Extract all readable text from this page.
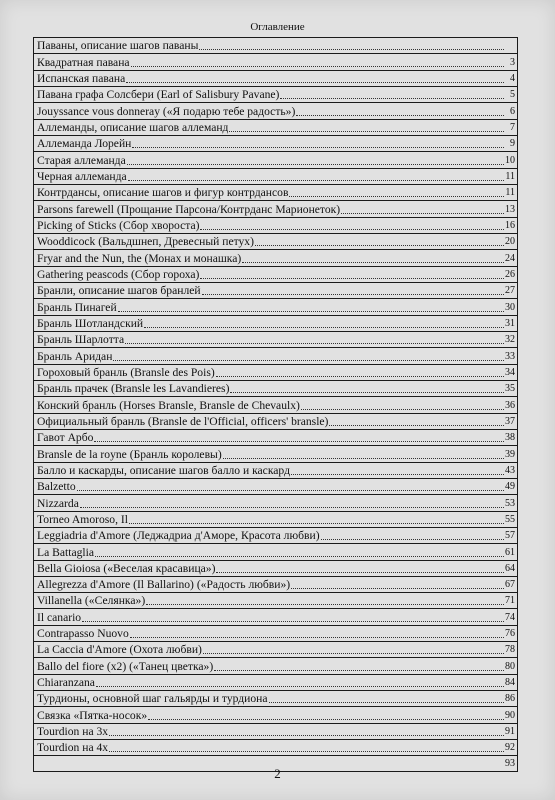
Оглавление
Паваны, описание шагов паваны
Квадратная павана	3
Испанская павана	4
Павана графа Солсбери (Earl of Salisbury Pavane)	5
Jouyssance vous donneray («Я подарю тебе радость»)	6
Аллеманды, описание шагов аллеманд	7
Аллеманда Лорейн	9
Старая аллеманда	10
Черная аллеманда	11
Контрдансы, описание шагов и фигур контрдансов	11
Parsons farewell (Прощание Парсона/Контрданс Марионеток)	13
Picking of Sticks (Сбор хвороста)	16
Wooddicock (Вальдшнеп, Древесный петух)	20
Fryar and the Nun, the (Монах и монашка)	24
Gathering peascods (Сбор гороха)	26
Бранли, описание шагов бранлей	27
Бранль Пинагей	30
Бранль Шотландский	31
Бранль Шарлотта	32
Бранль Аридан	33
Гороховый бранль (Bransle des Pois)	34
Бранль прачек (Bransle les Lavandieres)	35
Конский бранль (Horses Bransle, Bransle de Chevaulx)	36
Официальный бранль (Bransle de l'Official, officers' bransle)	37
Гавот Арбо	38
Bransle de la royne (Бранль королевы)	39
Балло и каскарды, описание шагов балло и каскард	43
Balzetto	49
Nizzarda	53
Torneo Amoroso, Il	55
Leggiadria d'Amore (Леджадриа д'Аморе, Красота любви)	57
La Battaglia	61
Bella Gioiosa («Веселая красавица»)	64
Allegrezza d'Amore (Il Ballarino) («Радость любви»)	67
Villanella («Селянка»)	71
Il canario	74
Contrapasso Nuovo	76
La Caccia d'Amore (Охота любви)	78
Ballo del fiore (x2) («Танец цветка»)	80
Chiaranzana	84
Турдионы, основной шаг гальярды и турдиона	86
Связка «Пятка-носок»	90
Tourdion на 3х	91
Tourdion на 4х	92
93
2
